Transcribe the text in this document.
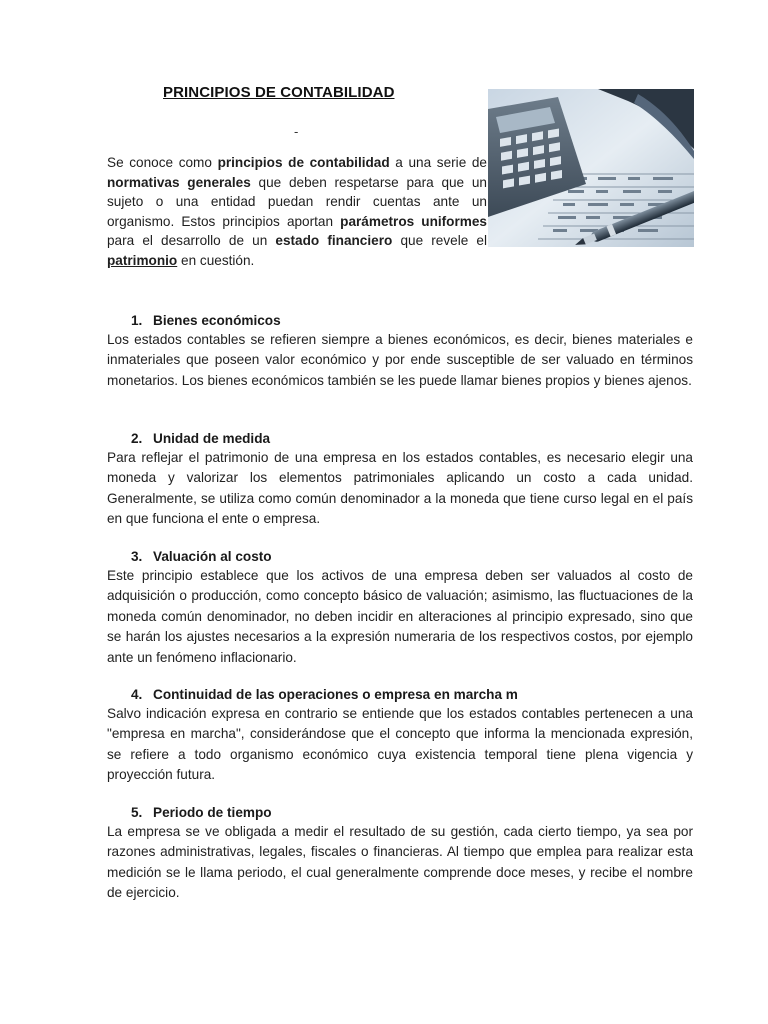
PRINCIPIOS DE CONTABILIDAD
-

Se conoce como principios de contabilidad a una serie de normativas generales que deben respetarse para que un sujeto o una entidad puedan rendir cuentas ante un organismo. Estos principios aportan parámetros uniformes para el desarrollo de un estado financiero que revele el patrimonio en cuestión.

1. Bienes económicos

Los estados contables se refieren siempre a bienes económicos, es decir, bienes materiales e inmateriales que poseen valor económico y por ende susceptible de ser valuado en términos monetarios. Los bienes económicos también se les puede llamar bienes propios y bienes ajenos.

2. Unidad de medida

Para reflejar el patrimonio de una empresa en los estados contables, es necesario elegir una moneda y valorizar los elementos patrimoniales aplicando un costo a cada unidad. Generalmente, se utiliza como común denominador a la moneda que tiene curso legal en el país en que funciona el ente o empresa.

3. Valuación al costo

Este principio establece que los activos de una empresa deben ser valuados al costo de adquisición o producción, como concepto básico de valuación; asimismo, las fluctuaciones de la moneda común denominador, no deben incidir en alteraciones al principio expresado, sino que se harán los ajustes necesarios a la expresión numeraria de los respectivos costos, por ejemplo ante un fenómeno inflacionario.

4. Continuidad de las operaciones o empresa en marcha m

Salvo indicación expresa en contrario se entiende que los estados contables pertenecen a una "empresa en marcha", considerándose que el concepto que informa la mencionada expresión, se refiere a todo organismo económico cuya existencia temporal tiene plena vigencia y proyección futura.

5. Periodo de tiempo

La empresa se ve obligada a medir el resultado de su gestión, cada cierto tiempo, ya sea por razones administrativas, legales, fiscales o financieras. Al tiempo que emplea para realizar esta medición se le llama periodo, el cual generalmente comprende doce meses, y recibe el nombre de ejercicio.
